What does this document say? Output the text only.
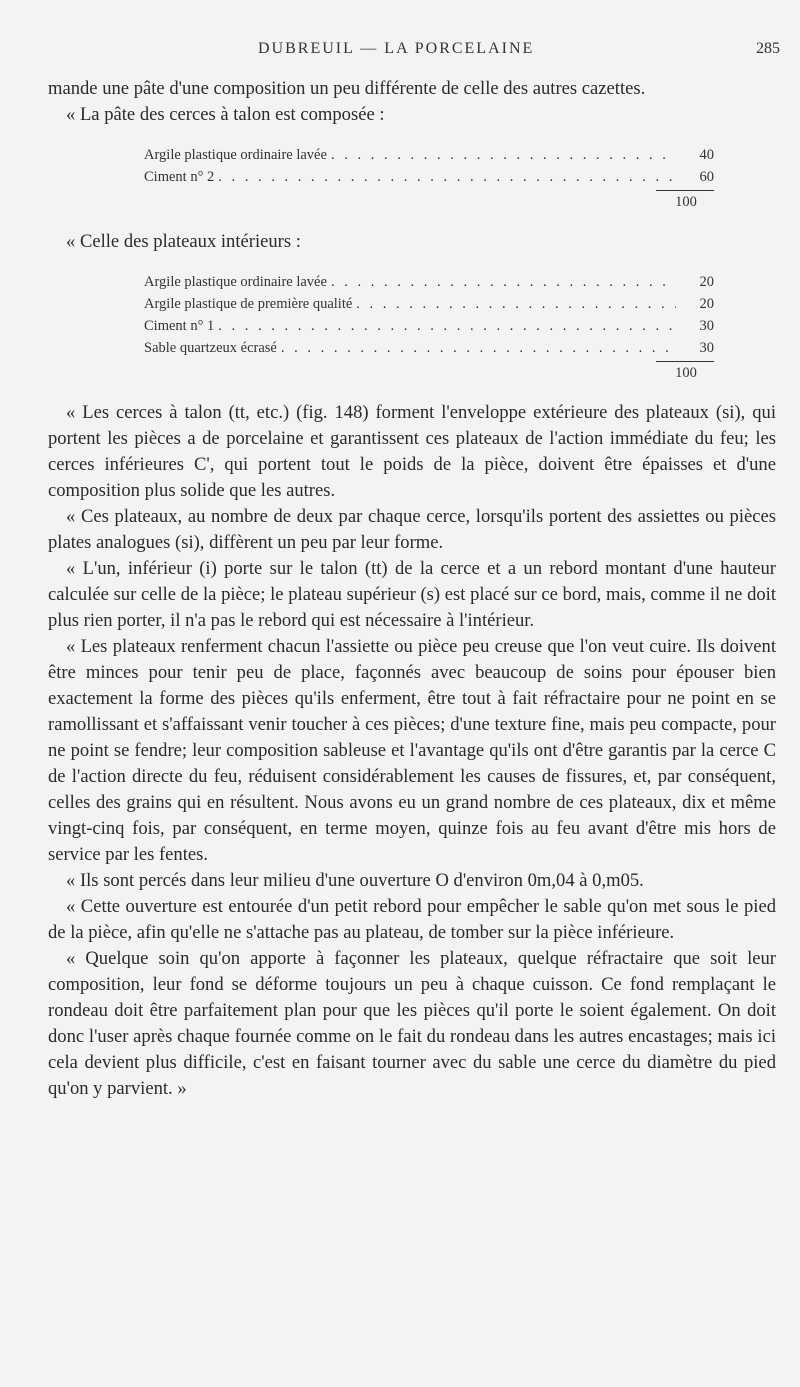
DUBREUIL — LA PORCELAINE	285

mande une pâte d'une composition un peu différente de celle des autres cazettes.

« La pâte des cerces à talon est composée :

Argile plastique ordinaire lavée . . .	40
Ciment n° 2 . . .	60
100

« Celle des plateaux intérieurs :

Argile plastique ordinaire lavée . . .	20
Argile plastique de première qualité . . .	20
Ciment n° 1 . . .	30
Sable quartzeux écrasé . . .	30
100

« Les cerces à talon (tt, etc.) (fig. 148) forment l'enveloppe extérieure des plateaux (si), qui portent les pièces a de porcelaine et garantissent ces plateaux de l'action immédiate du feu; les cerces inférieures C', qui portent tout le poids de la pièce, doivent être épaisses et d'une composition plus solide que les autres.

« Ces plateaux, au nombre de deux par chaque cerce, lorsqu'ils portent des assiettes ou pièces plates analogues (si), diffèrent un peu par leur forme.

« L'un, inférieur (i) porte sur le talon (tt) de la cerce et a un rebord montant d'une hauteur calculée sur celle de la pièce; le plateau supérieur (s) est placé sur ce bord, mais, comme il ne doit plus rien porter, il n'a pas le rebord qui est nécessaire à l'intérieur.

« Les plateaux renferment chacun l'assiette ou pièce peu creuse que l'on veut cuire. Ils doivent être minces pour tenir peu de place, façonnés avec beaucoup de soins pour épouser bien exactement la forme des pièces qu'ils enferment, être tout à fait réfractaire pour ne point en se ramollissant et s'affaissant venir toucher à ces pièces; d'une texture fine, mais peu compacte, pour ne point se fendre; leur composition sableuse et l'avantage qu'ils ont d'être garantis par la cerce C de l'action directe du feu, réduisent considérablement les causes de fissures, et, par conséquent, celles des grains qui en résultent. Nous avons eu un grand nombre de ces plateaux, dix et même vingt-cinq fois, par conséquent, en terme moyen, quinze fois au feu avant d'être mis hors de service par les fentes.

« Ils sont percés dans leur milieu d'une ouverture O d'environ 0m,04 à 0,m05.

« Cette ouverture est entourée d'un petit rebord pour empêcher le sable qu'on met sous le pied de la pièce, afin qu'elle ne s'attache pas au plateau, de tomber sur la pièce inférieure.

« Quelque soin qu'on apporte à façonner les plateaux, quelque réfractaire que soit leur composition, leur fond se déforme toujours un peu à chaque cuisson. Ce fond remplaçant le rondeau doit être parfaitement plan pour que les pièces qu'il porte le soient également. On doit donc l'user après chaque fournée comme on le fait du rondeau dans les autres encastages; mais ici cela devient plus difficile, c'est en faisant tourner avec du sable une cerce du diamètre du pied qu'on y parvient. »
